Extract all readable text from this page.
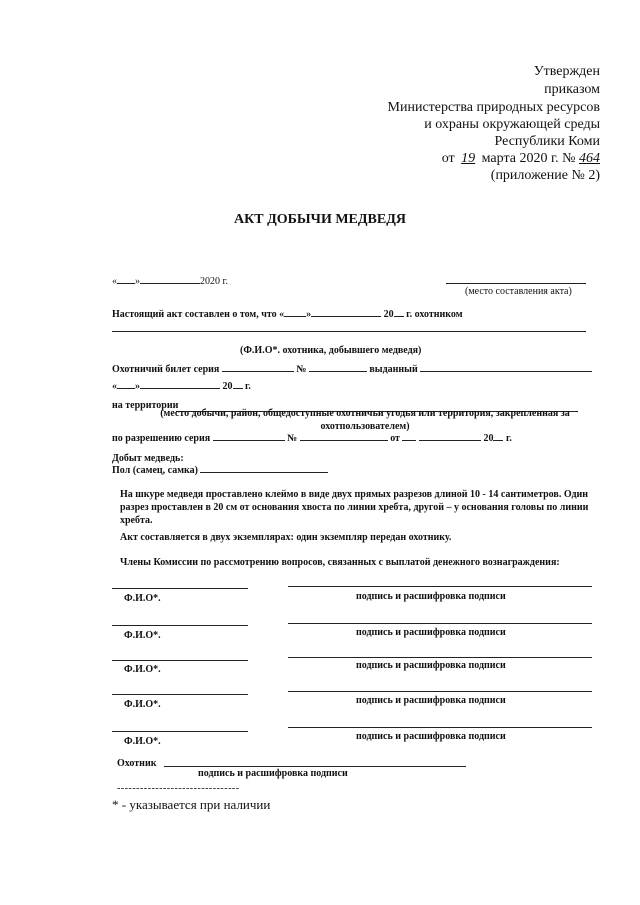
Утвержден
приказом
Министерства природных ресурсов
и охраны окружающей среды
Республики Коми
от 19 марта 2020 г. № 464
(приложение № 2)
АКТ ДОБЫЧИ МЕДВЕДЯ
« »	2020 г.
(место составления акта)
Настоящий акт составлен о том, что « »	20 г. охотником
(Ф.И.О*. охотника, добывшего медведя)
Охотничий билет серия	№	выданный
« »	20 г.
на территории
(место добычи, район, общедоступные охотничьи угодья или территория, закрепленная за охотпользователем)
по разрешению серия	№	от	20 г.
Добыт медведь:
Пол (самец, самка)
На шкуре медведя проставлено клеймо в виде двух прямых разрезов длиной 10 - 14 сантиметров. Один разрез проставлен в 20 см от основания хвоста по линии хребта, другой – у основания головы по линии хребта.
Акт составляется в двух экземплярах: один экземпляр передан охотнику.
Члены Комиссии по рассмотрению вопросов, связанных с выплатой денежного вознаграждения:
Ф.И.О*.	подпись и расшифровка подписи
Ф.И.О*.	подпись и расшифровка подписи
Ф.И.О*.	подпись и расшифровка подписи
Ф.И.О*.	подпись и расшифровка подписи
Ф.И.О*.	подпись и расшифровка подписи
Охотник
подпись и расшифровка подписи
--------------------------------
* - указывается при наличии
